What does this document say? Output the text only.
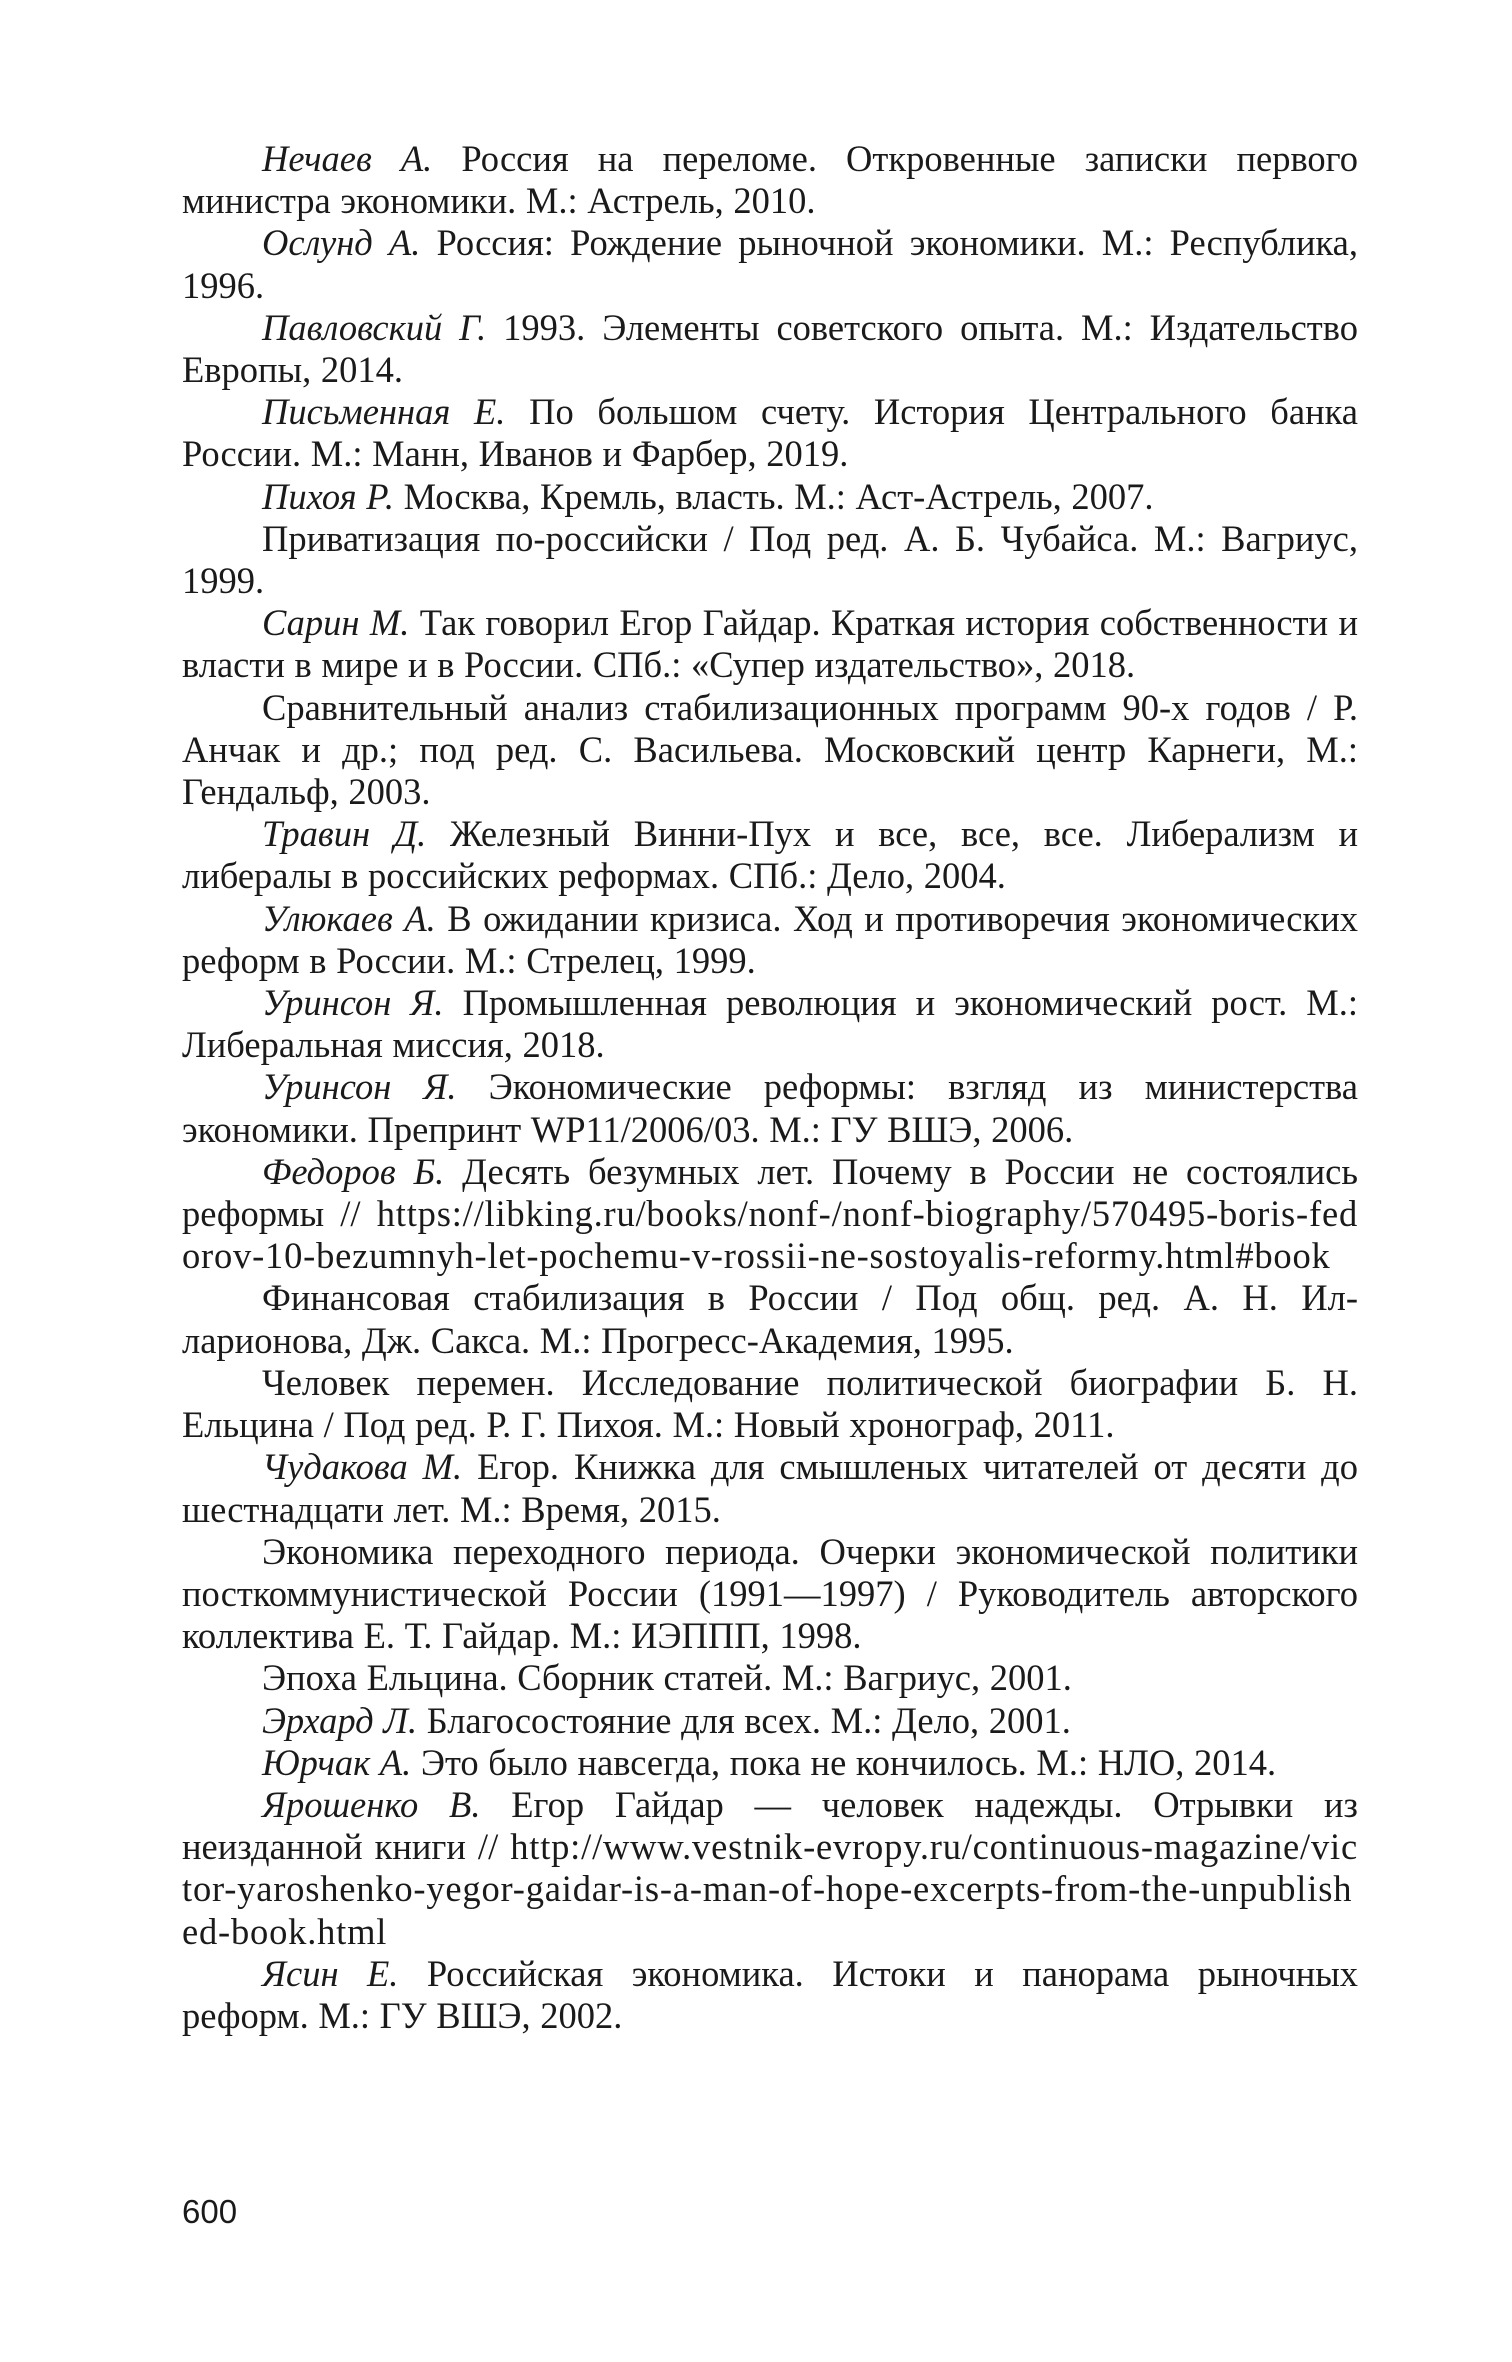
Нечаев А. Россия на переломе. Откровенные записки первого министра экономики. М.: Астрель, 2010.

Ослунд А. Россия: Рождение рыночной экономики. М.: Республика, 1996.

Павловский Г. 1993. Элементы советского опыта. М.: Издательство Европы, 2014.

Письменная Е. По большом счету. История Центрального банка России. М.: Манн, Иванов и Фарбер, 2019.

Пихоя Р. Москва, Кремль, власть. М.: Аст-Астрель, 2007.

Приватизация по-российски / Под ред. А. Б. Чубайса. М.: Вагриус, 1999.

Сарин М. Так говорил Егор Гайдар. Краткая история собственности и власти в мире и в России. СПб.: «Супер издательство», 2018.

Сравнительный анализ стабилизационных программ 90-х годов / Р. Анчак и др.; под ред. С. Васильева. Московский центр Карнеги, М.: Гендальф, 2003.

Травин Д. Железный Винни-Пух и все, все, все. Либерализм и либералы в российских реформах. СПб.: Дело, 2004.

Улюкаев А. В ожидании кризиса. Ход и противоречия экономических реформ в России. М.: Стрелец, 1999.

Уринсон Я. Промышленная революция и экономический рост. М.: Либеральная миссия, 2018.

Уринсон Я. Экономические реформы: взгляд из министерства экономики. Препринт WP11/2006/03. М.: ГУ ВШЭ, 2006.

Федоров Б. Десять безумных лет. Почему в России не состоялись реформы // https://libking.ru/books/nonf-/nonf-biography/570495-boris-fedorov-10-bezumnyh-let-pochemu-v-rossii-ne-sostoyalis-reformy.html#book

Финансовая стабилизация в России / Под общ. ред. А. Н. Илларионова, Дж. Сакса. М.: Прогресс-Академия, 1995.

Человек перемен. Исследование политической биографии Б. Н. Ельцина / Под ред. Р. Г. Пихоя. М.: Новый хронограф, 2011.

Чудакова М. Егор. Книжка для смышленых читателей от десяти до шестнадцати лет. М.: Время, 2015.

Экономика переходного периода. Очерки экономической политики посткоммунистической России (1991—1997) / Руководитель авторского коллектива Е. Т. Гайдар. М.: ИЭППП, 1998.

Эпоха Ельцина. Сборник статей. М.: Вагриус, 2001.

Эрхард Л. Благосостояние для всех. М.: Дело, 2001.

Юрчак А. Это было навсегда, пока не кончилось. М.: НЛО, 2014.

Ярошенко В. Егор Гайдар — человек надежды. Отрывки из неизданной книги // http://www.vestnik-evropy.ru/continuous-magazine/victor-yaroshenko-yegor-gaidar-is-a-man-of-hope-excerpts-from-the-unpublished-book.html

Ясин Е. Российская экономика. Истоки и панорама рыночных реформ. М.: ГУ ВШЭ, 2002.

600
